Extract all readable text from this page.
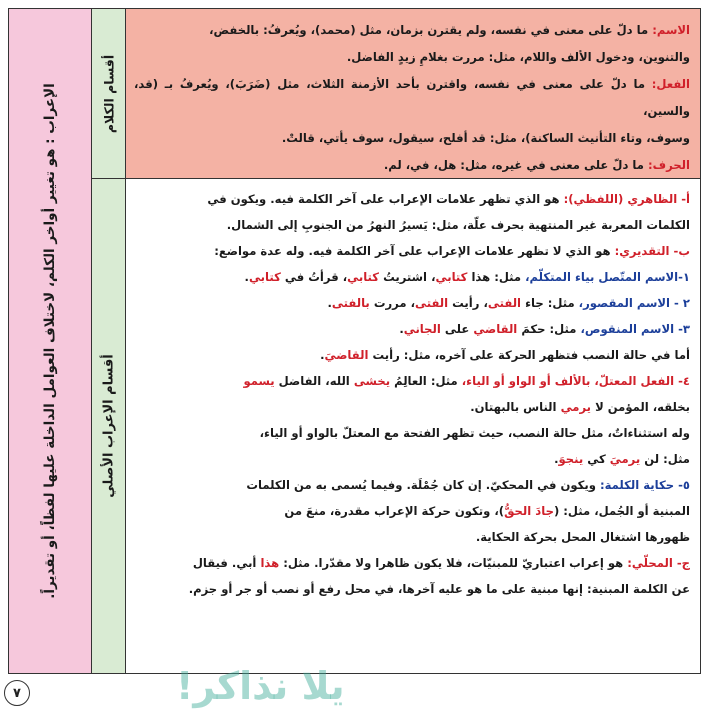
الاسم: ما دلّ على معنى في نفسه، ولم يقترن بزمان، مثل (محمد)، ويُعرفُ: بالخفض،

والتنوين، ودخول الألف واللام، مثل: مررت بغلامِ زيدٍ الفاضل.

الفعل: ما دلّ على معنى في نفسه، واقترن بأحد الأزمنة الثلاث، مثل (ضَرَبَ)، ويُعرفُ بـ (قد، والسين،

وسوف، وتاء التأنيث الساكنة)، مثل: قد أفلح، سيقول، سوف يأتي، قالتْ.

الحرف: ما دلّ على معنى في غيره، مثل: هل، في، لم.

أ- الظاهري (اللفظي): هو الذي تظهر علامات الإعراب على آخر الكلمة فيه. ويكون في

الكلمات المعربة غير المنتهية بحرف علّة، مثل: يَسيرُ النهرُ من الجنوبِ إلى الشمال.

ب- التقديري: هو الذي لا تظهر علامات الإعراب على آخر الكلمة فيه. وله عدة مواضع:

١-الاسم المتّصل بياء المتكلّم، مثل: هذا كتابي، اشتريتُ كتابي، قرأتُ في كتابي.

٢ - الاسم المقصور، مثل: جاء الفتى، رأيت الفتى، مررت بالفتى.

٣- الاسم المنقوص، مثل: حكمَ القاضي على الجاني.

أما في حالة النصب فتظهر الحركة على آخره، مثل: رأيت القاضيَ.

٤- الفعل المعتلّ، بالألف أو الواو أو الياء، مثل: العالِمُ يخشى الله، الفاضل يسمو

بخلقه، المؤمن لا يرمي الناس بالبهتان.

وله استثناءاتٌ، مثل حالة النصب، حيث تظهر الفتحة مع المعتلّ بالواو أو الياء،

مثل: لن يرميَ كي ينجوَ.

٥- حكاية الكلمة: ويكون في المحكيّ. إن كان جُمْلَة. وفيما يُسمى به من الكلمات

المبنية أو الجُمل، مثل: (جادَ الحقُّ)، وتكون حركة الإعراب مقدرة، منعَ من

ظهورها اشتغال المحل بحركة الحكاية.

ج- المحلّي: هو إعراب اعتباريّ للمبنيّات، فلا يكون ظاهرا ولا مقدّرا. مثل: هذا أبي. فيقال

عن الكلمة المبنية: إنها مبنية على ما هو عليه آخرها، في محل رفع أو نصب أو جر أو جزم.

أقسام الكلام
أقسام الإعراب الأصلي
الإعراب : هو تغيير أواخر الكلم، لاختلاف العوامل الداخلة عليها لفظاً، أو تقديراً.
يلا نذاكر!
٧
